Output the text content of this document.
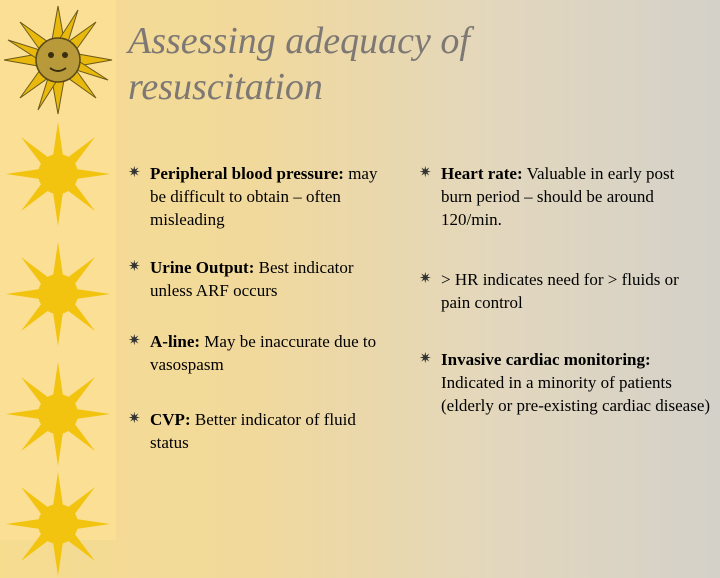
Assessing adequacy of
resuscitation
✷ Peripheral blood pressure: may be difficult to obtain – often misleading
✷ Urine Output: Best indicator unless ARF occurs
✷ A-line: May be inaccurate due to vasospasm
✷ CVP: Better indicator of fluid status
✷ Heart rate: Valuable in early post burn period – should be around 120/min.
✷ > HR indicates need for > fluids or pain control
✷ Invasive cardiac monitoring: Indicated in a minority of patients (elderly or pre-existing cardiac disease)
